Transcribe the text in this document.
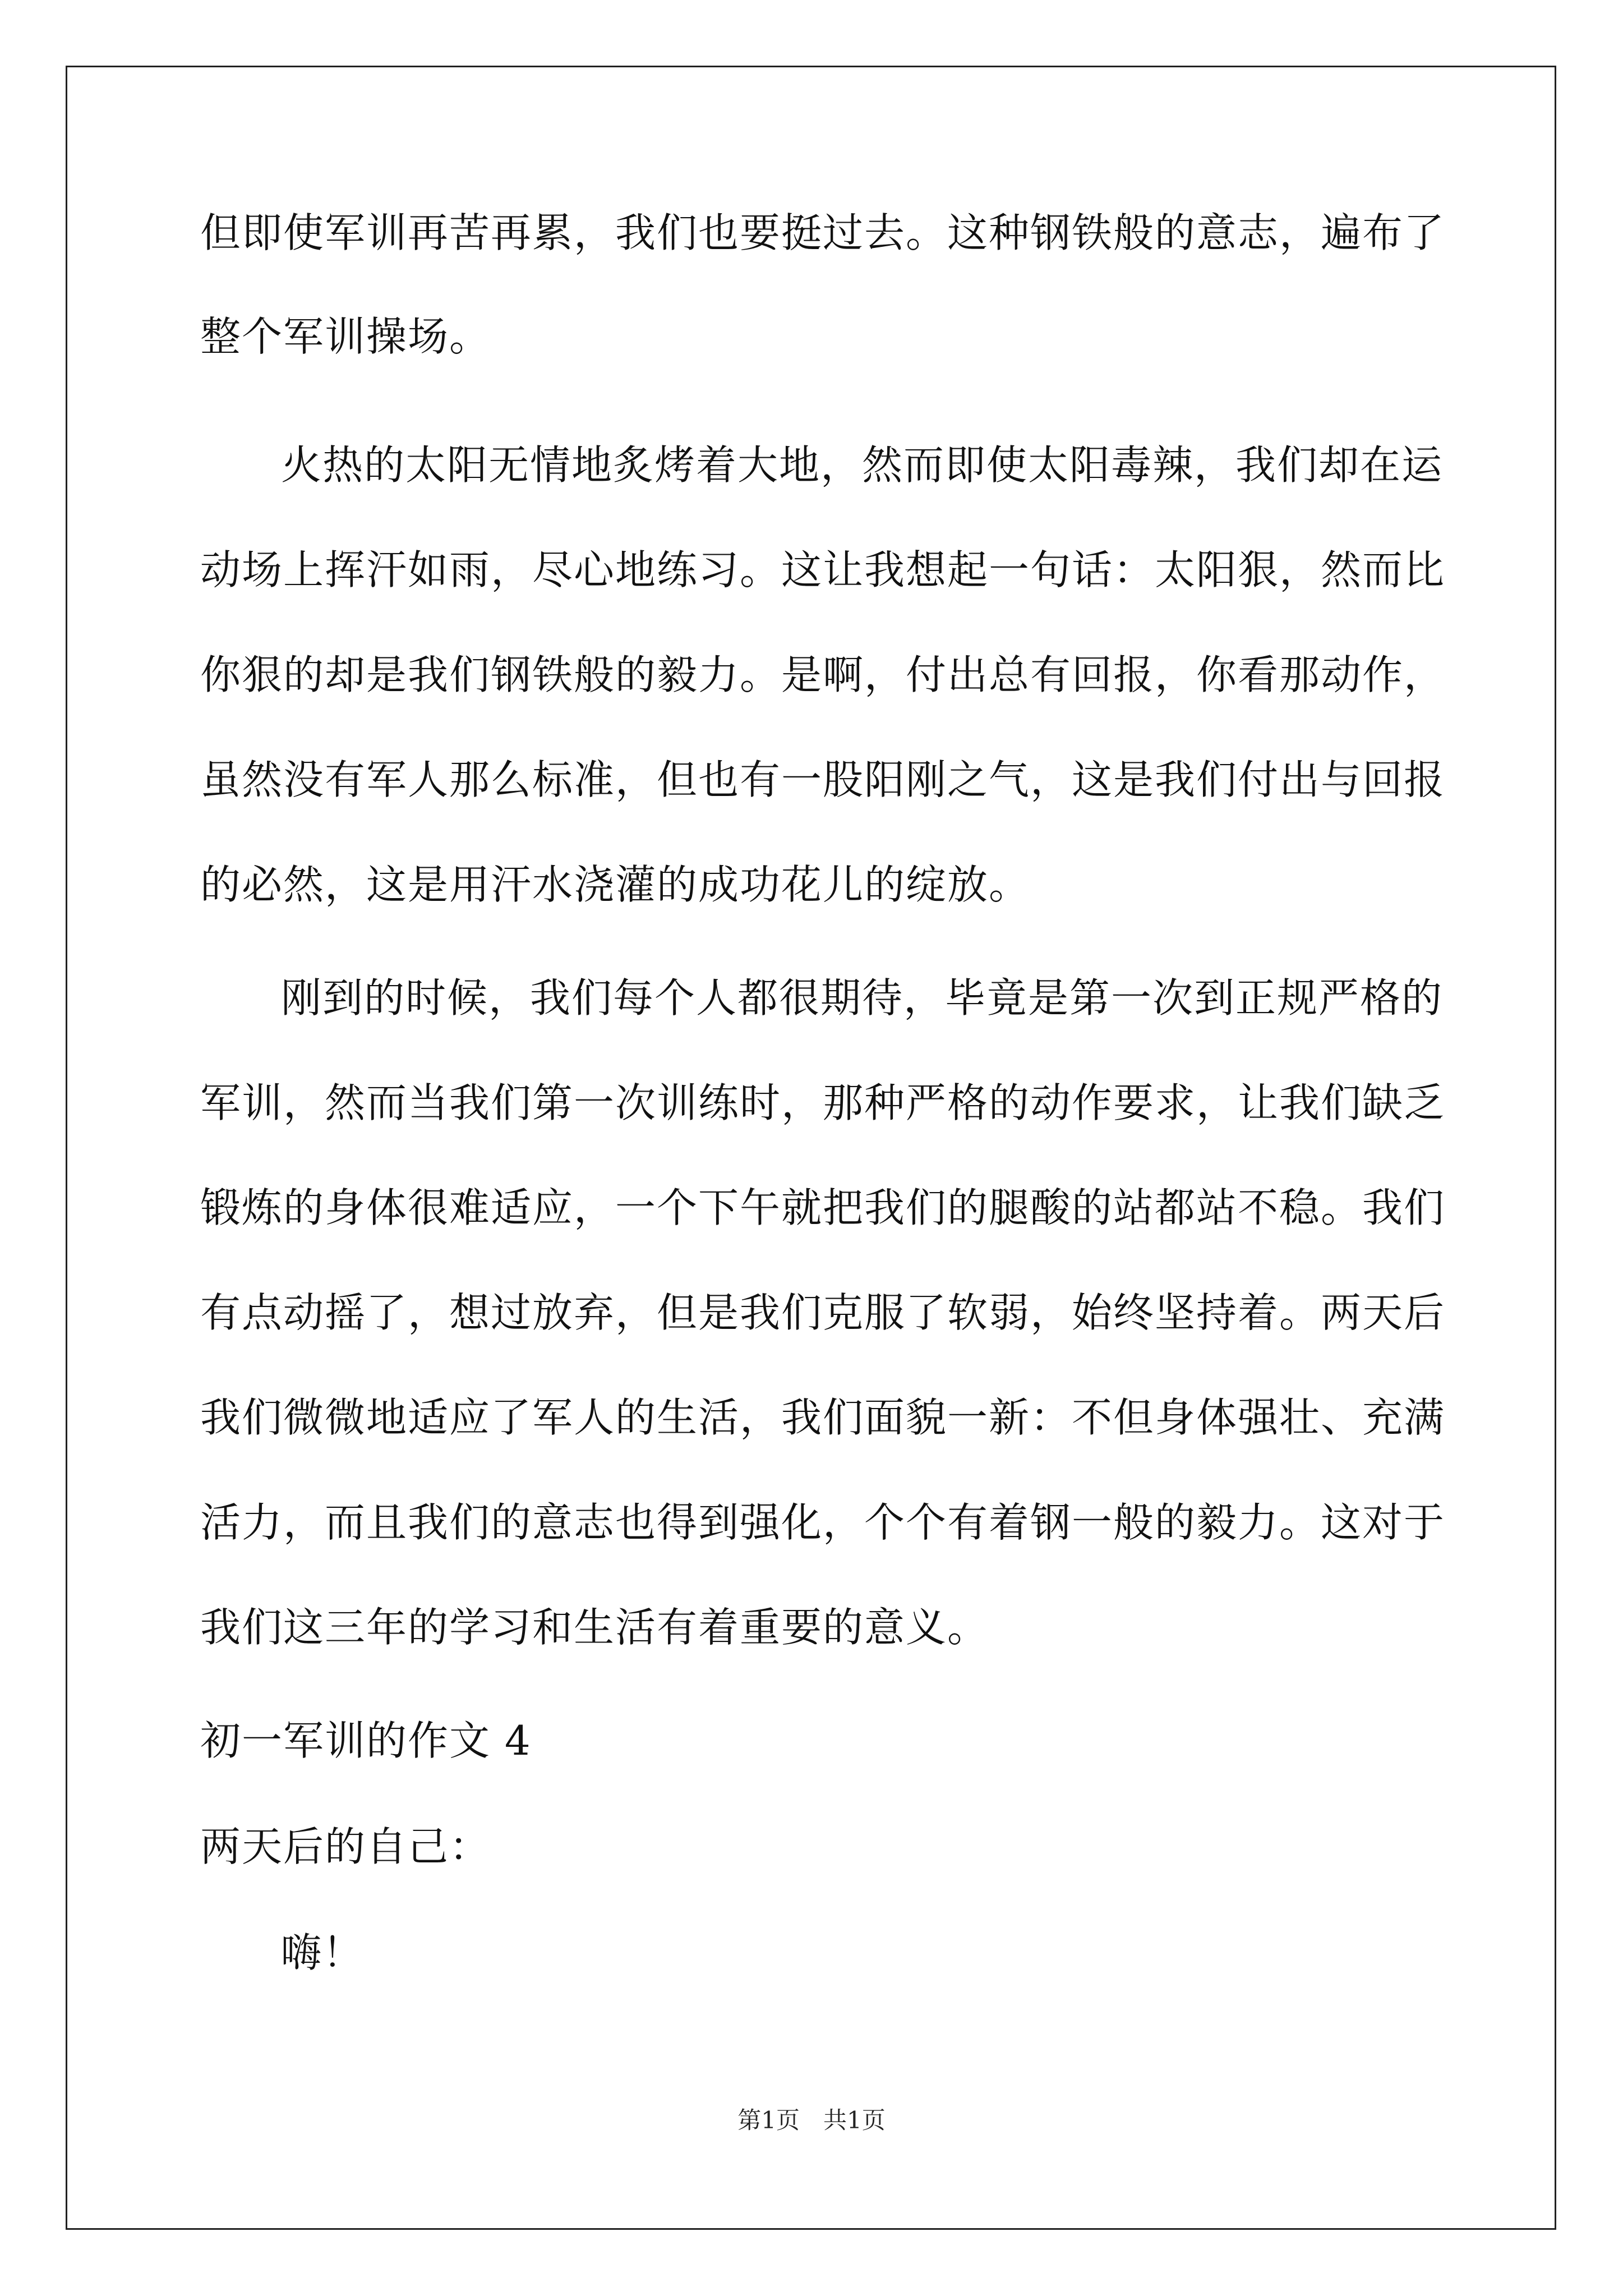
但即使军训再苦再累，我们也要挺过去。这种钢铁般的意志，遍布了
整个军训操场。
火热的太阳无情地炙烤着大地，然而即使太阳毒辣，我们却在运
动场上挥汗如雨，尽心地练习。这让我想起一句话：太阳狠，然而比
你狠的却是我们钢铁般的毅力。是啊，付出总有回报，你看那动作，
虽然没有军人那么标准，但也有一股阳刚之气，这是我们付出与回报
的必然，这是用汗水浇灌的成功花儿的绽放。
刚到的时候，我们每个人都很期待，毕竟是第一次到正规严格的
军训，然而当我们第一次训练时，那种严格的动作要求，让我们缺乏
锻炼的身体很难适应，一个下午就把我们的腿酸的站都站不稳。我们
有点动摇了，想过放弃，但是我们克服了软弱，始终坚持着。两天后
我们微微地适应了军人的生活，我们面貌一新：不但身体强壮、充满
活力，而且我们的意志也得到强化，个个有着钢一般的毅力。这对于
我们这三年的学习和生活有着重要的意义。
初一军训的作文 4
两天后的自己：
嗨！
第1页　共1页
